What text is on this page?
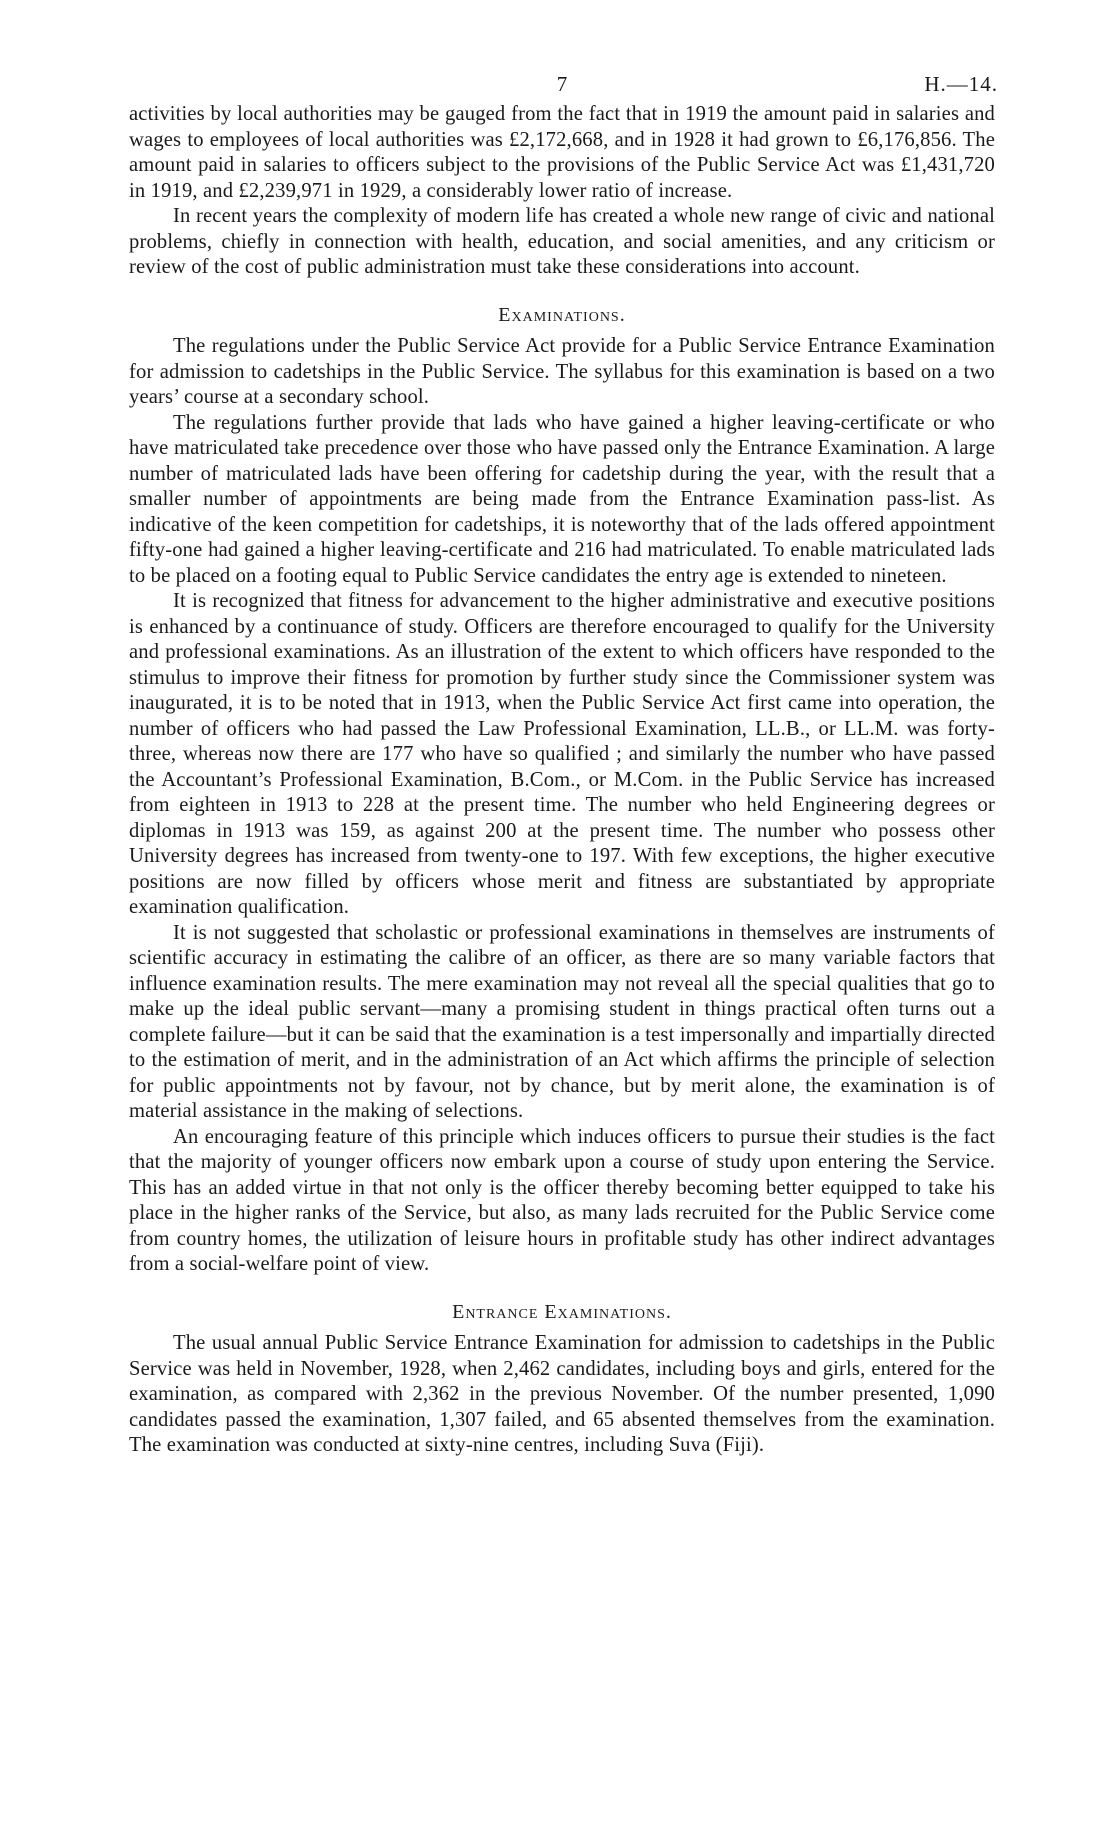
7	H.—14.

activities by local authorities may be gauged from the fact that in 1919 the amount paid in salaries and wages to employees of local authorities was £2,172,668, and in 1928 it had grown to £6,176,856. The amount paid in salaries to officers subject to the provisions of the Public Service Act was £1,431,720 in 1919, and £2,239,971 in 1929, a considerably lower ratio of increase.

In recent years the complexity of modern life has created a whole new range of civic and national problems, chiefly in connection with health, education, and social amenities, and any criticism or review of the cost of public administration must take these considerations into account.

Examinations.

The regulations under the Public Service Act provide for a Public Service Entrance Examination for admission to cadetships in the Public Service. The syllabus for this examination is based on a two years’ course at a secondary school.

The regulations further provide that lads who have gained a higher leaving-certificate or who have matriculated take precedence over those who have passed only the Entrance Examination. A large number of matriculated lads have been offering for cadetship during the year, with the result that a smaller number of appointments are being made from the Entrance Examination pass-list. As indicative of the keen competition for cadetships, it is noteworthy that of the lads offered appointment fifty-one had gained a higher leaving-certificate and 216 had matriculated. To enable matriculated lads to be placed on a footing equal to Public Service candidates the entry age is extended to nineteen.

It is recognized that fitness for advancement to the higher administrative and executive positions is enhanced by a continuance of study. Officers are therefore encouraged to qualify for the University and professional examinations. As an illustration of the extent to which officers have responded to the stimulus to improve their fitness for promotion by further study since the Commissioner system was inaugurated, it is to be noted that in 1913, when the Public Service Act first came into operation, the number of officers who had passed the Law Professional Examination, LL.B., or LL.M. was forty-three, whereas now there are 177 who have so qualified ; and similarly the number who have passed the Accountant’s Professional Examination, B.Com., or M.Com. in the Public Service has increased from eighteen in 1913 to 228 at the present time. The number who held Engineering degrees or diplomas in 1913 was 159, as against 200 at the present time. The number who possess other University degrees has increased from twenty-one to 197. With few exceptions, the higher executive positions are now filled by officers whose merit and fitness are substantiated by appropriate examination qualification.

It is not suggested that scholastic or professional examinations in themselves are instruments of scientific accuracy in estimating the calibre of an officer, as there are so many variable factors that influence examination results. The mere examination may not reveal all the special qualities that go to make up the ideal public servant—many a promising student in things practical often turns out a complete failure—but it can be said that the examination is a test impersonally and impartially directed to the estimation of merit, and in the administration of an Act which affirms the principle of selection for public appointments not by favour, not by chance, but by merit alone, the examination is of material assistance in the making of selections.

An encouraging feature of this principle which induces officers to pursue their studies is the fact that the majority of younger officers now embark upon a course of study upon entering the Service. This has an added virtue in that not only is the officer thereby becoming better equipped to take his place in the higher ranks of the Service, but also, as many lads recruited for the Public Service come from country homes, the utilization of leisure hours in profitable study has other indirect advantages from a social-welfare point of view.

Entrance Examinations.

The usual annual Public Service Entrance Examination for admission to cadetships in the Public Service was held in November, 1928, when 2,462 candidates, including boys and girls, entered for the examination, as compared with 2,362 in the previous November. Of the number presented, 1,090 candidates passed the examination, 1,307 failed, and 65 absented themselves from the examination. The examination was conducted at sixty-nine centres, including Suva (Fiji).
